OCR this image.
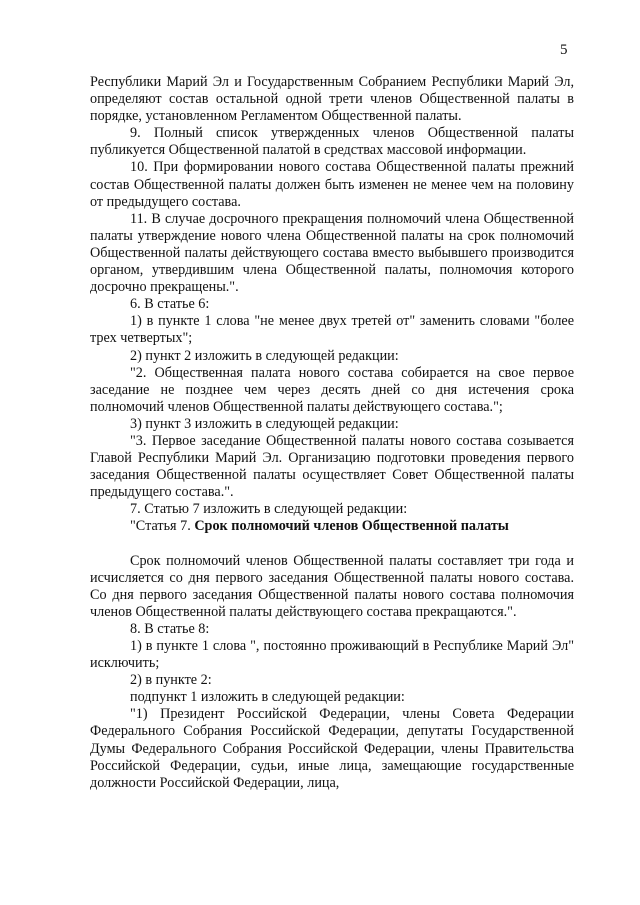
5

Республики Марий Эл и Государственным Собранием Республики Марий Эл, определяют состав остальной одной трети членов Общественной палаты в порядке, установленном Регламентом Общественной палаты.

9. Полный список утвержденных членов Общественной палаты публикуется Общественной палатой в средствах массовой информации.

10. При формировании нового состава Общественной палаты прежний состав Общественной палаты должен быть изменен не менее чем на половину от предыдущего состава.

11. В случае досрочного прекращения полномочий члена Общественной палаты утверждение нового члена Общественной палаты на срок полномочий Общественной палаты действующего состава вместо выбывшего производится органом, утвердившим члена Общественной палаты, полномочия которого досрочно прекращены.".

6. В статье 6:

1) в пункте 1 слова "не менее двух третей от" заменить словами "более трех четвертых";

2) пункт 2 изложить в следующей редакции:

"2. Общественная палата нового состава собирается на свое первое заседание не позднее чем через десять дней со дня истечения срока полномочий членов Общественной палаты действующего состава.";

3) пункт 3 изложить в следующей редакции:

"3. Первое заседание Общественной палаты нового состава созывается Главой Республики Марий Эл. Организацию подготовки проведения первого заседания Общественной палаты осуществляет Совет Общественной палаты предыдущего состава.".

7. Статью 7 изложить в следующей редакции:

"Статья 7. Срок полномочий членов Общественной палаты

Срок полномочий членов Общественной палаты составляет три года и исчисляется со дня первого заседания Общественной палаты нового состава. Со дня первого заседания Общественной палаты нового состава полномочия членов Общественной палаты действующего состава прекращаются.".

8. В статье 8:

1) в пункте 1 слова ", постоянно проживающий в Республике Марий Эл" исключить;

2) в пункте 2:

подпункт 1 изложить в следующей редакции:

"1) Президент Российской Федерации, члены Совета Федерации Федерального Собрания Российской Федерации, депутаты Государственной Думы Федерального Собрания Российской Федерации, члены Правительства Российской Федерации, судьи, иные лица, замещающие государственные должности Российской Федерации, лица,
